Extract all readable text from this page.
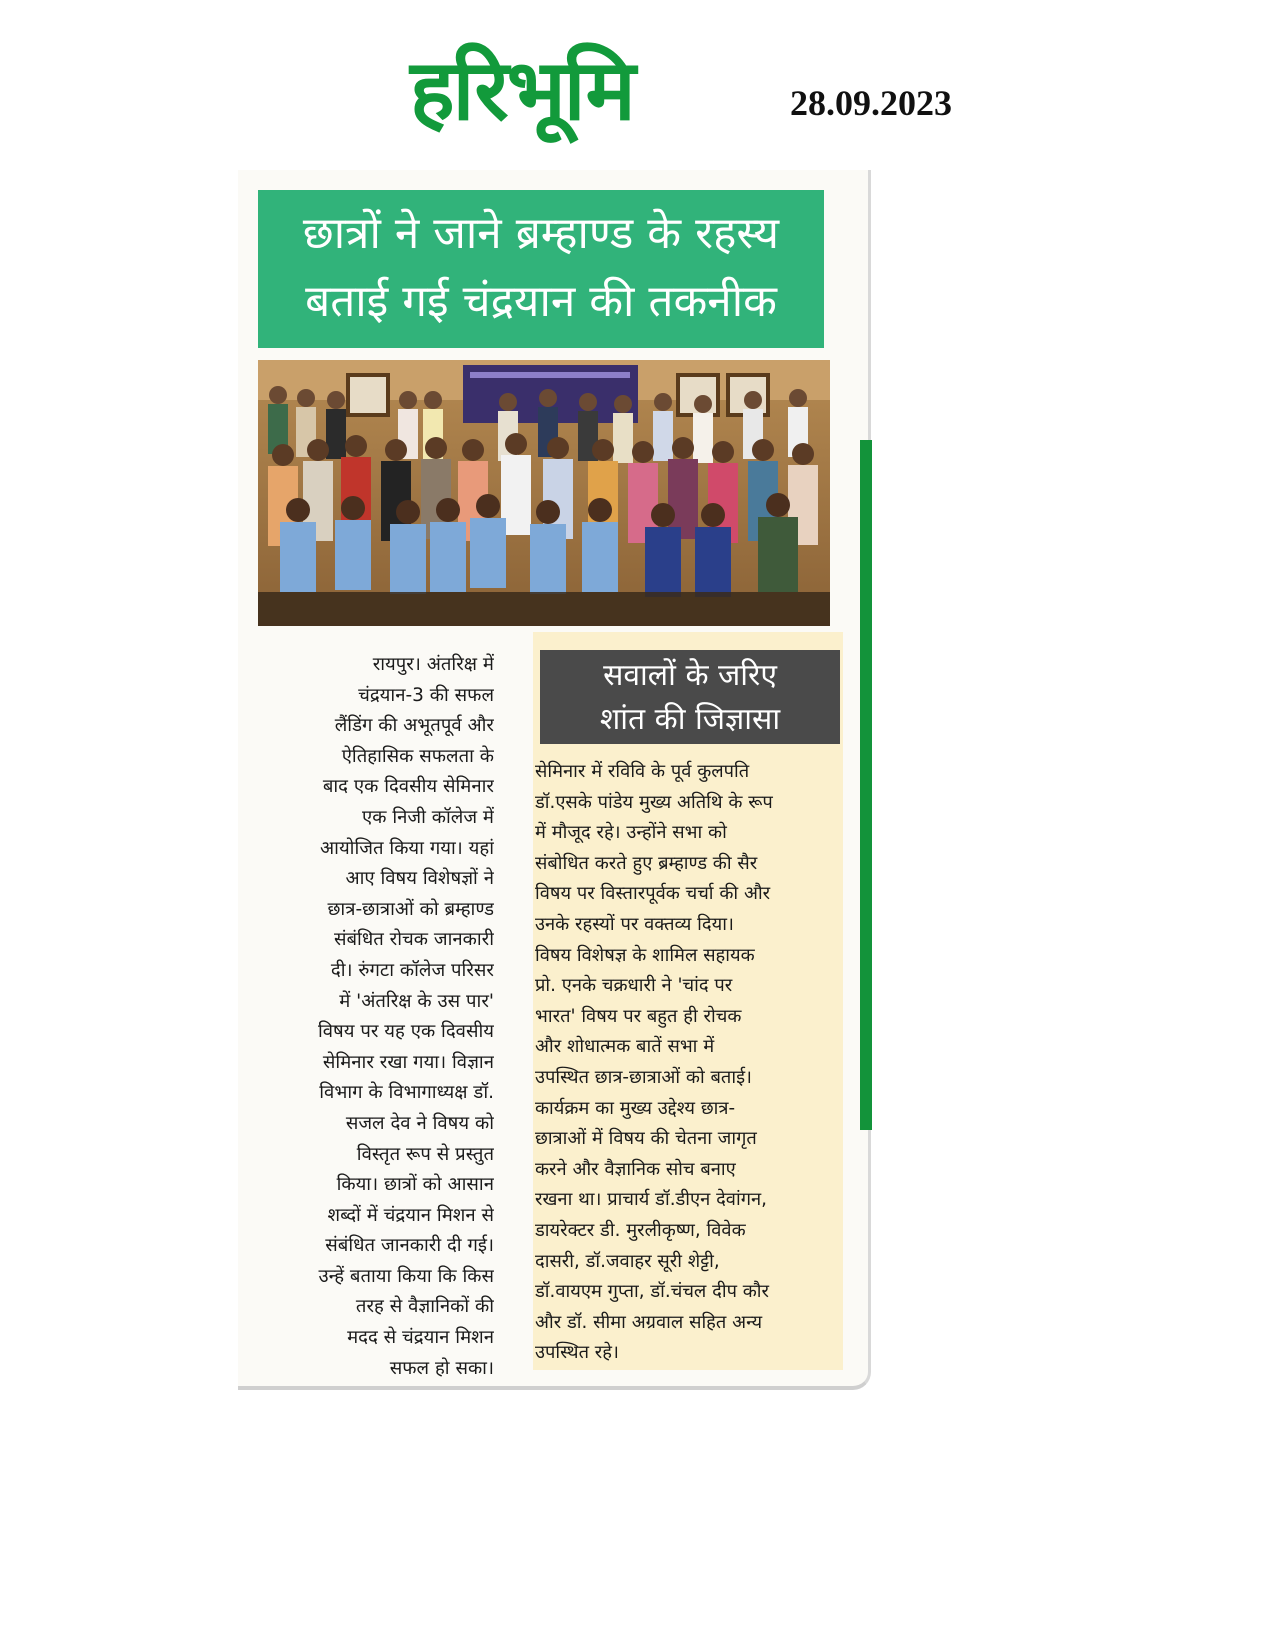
हरिभूमि	28.09.2023
छात्रों ने जाने ब्रम्हाण्ड के रहस्य
बताई गई चंद्रयान की तकनीक
रायपुर। अंतरिक्ष में
चंद्रयान-3 की सफल
लैंडिंग की अभूतपूर्व और
ऐतिहासिक सफलता के
बाद एक दिवसीय सेमिनार
एक निजी कॉलेज में
आयोजित किया गया। यहां
आए विषय विशेषज्ञों ने
छात्र-छात्राओं को ब्रम्हाण्ड
संबंधित रोचक जानकारी
दी। रुंगटा कॉलेज परिसर
में 'अंतरिक्ष के उस पार'
विषय पर यह एक दिवसीय
सेमिनार रखा गया। विज्ञान
विभाग के विभागाध्यक्ष डॉ.
सजल देव ने विषय को
विस्तृत रूप से प्रस्तुत
किया। छात्रों को आसान
शब्दों में चंद्रयान मिशन से
संबंधित जानकारी दी गई।
उन्हें बताया किया कि किस
तरह से वैज्ञानिकों की
मदद से चंद्रयान मिशन
सफल हो सका।
सवालों के जरिए
शांत की जिज्ञासा
सेमिनार में रविवि के पूर्व कुलपति
डॉ.एसके पांडेय मुख्य अतिथि के रूप
में मौजूद रहे। उन्होंने सभा को
संबोधित करते हुए ब्रम्हाण्ड की सैर
विषय पर विस्तारपूर्वक चर्चा की और
उनके रहस्यों पर वक्तव्य दिया।
विषय विशेषज्ञ के शामिल सहायक
प्रो. एनके चक्रधारी ने 'चांद पर
भारत' विषय पर बहुत ही रोचक
और शोधात्मक बातें सभा में
उपस्थित छात्र-छात्राओं को बताई।
कार्यक्रम का मुख्य उद्देश्य छात्र-
छात्राओं में विषय की चेतना जागृत
करने और वैज्ञानिक सोच बनाए
रखना था। प्राचार्य डॉ.डीएन देवांगन,
डायरेक्टर डी. मुरलीकृष्ण, विवेक
दासरी, डॉ.जवाहर सूरी शेट्टी,
डॉ.वायएम गुप्ता, डॉ.चंचल दीप कौर
और डॉ. सीमा अग्रवाल सहित अन्य
उपस्थित रहे।
